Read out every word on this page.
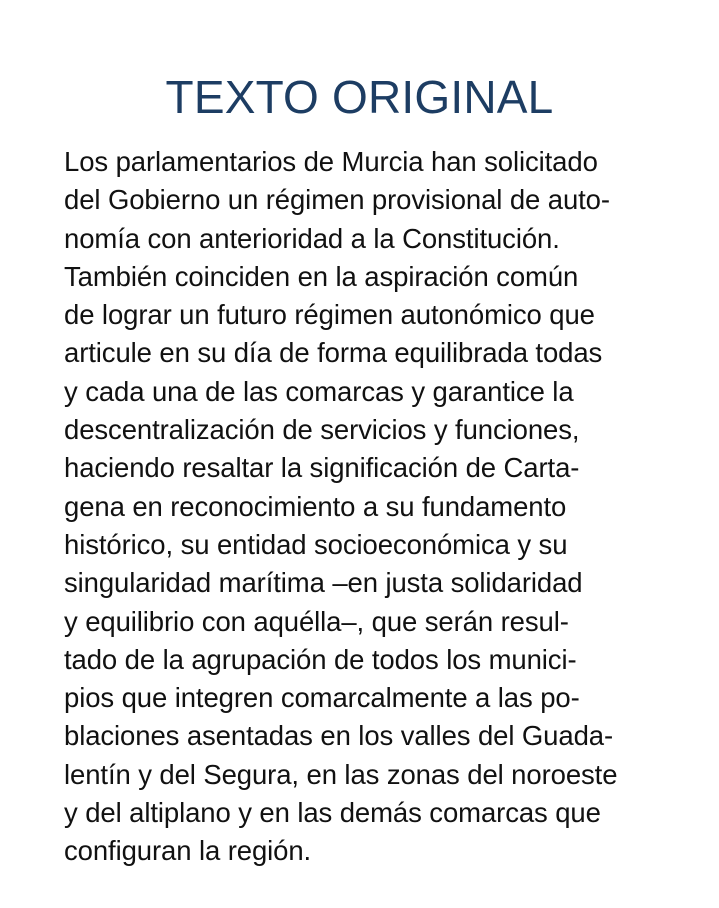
TEXTO ORIGINAL
Los parlamentarios de Murcia han solicitado
del Gobierno un régimen provisional de auto-
nomía con anterioridad a la Constitución.
También coinciden en la aspiración común
de lograr un futuro régimen autonómico que
articule en su día de forma equilibrada todas
y cada una de las comarcas y garantice la
descentralización de servicios y funciones,
haciendo resaltar la significación de Carta-
gena en reconocimiento a su fundamento
histórico, su entidad socioeconómica y su
singularidad marítima –en justa solidaridad
y equilibrio con aquélla–, que serán resul-
tado de la agrupación de todos los munici-
pios que integren comarcalmente a las po-
blaciones asentadas en los valles del Guada-
lentín y del Segura, en las zonas del noroeste
y del altiplano y en las demás comarcas que
configuran la región.
